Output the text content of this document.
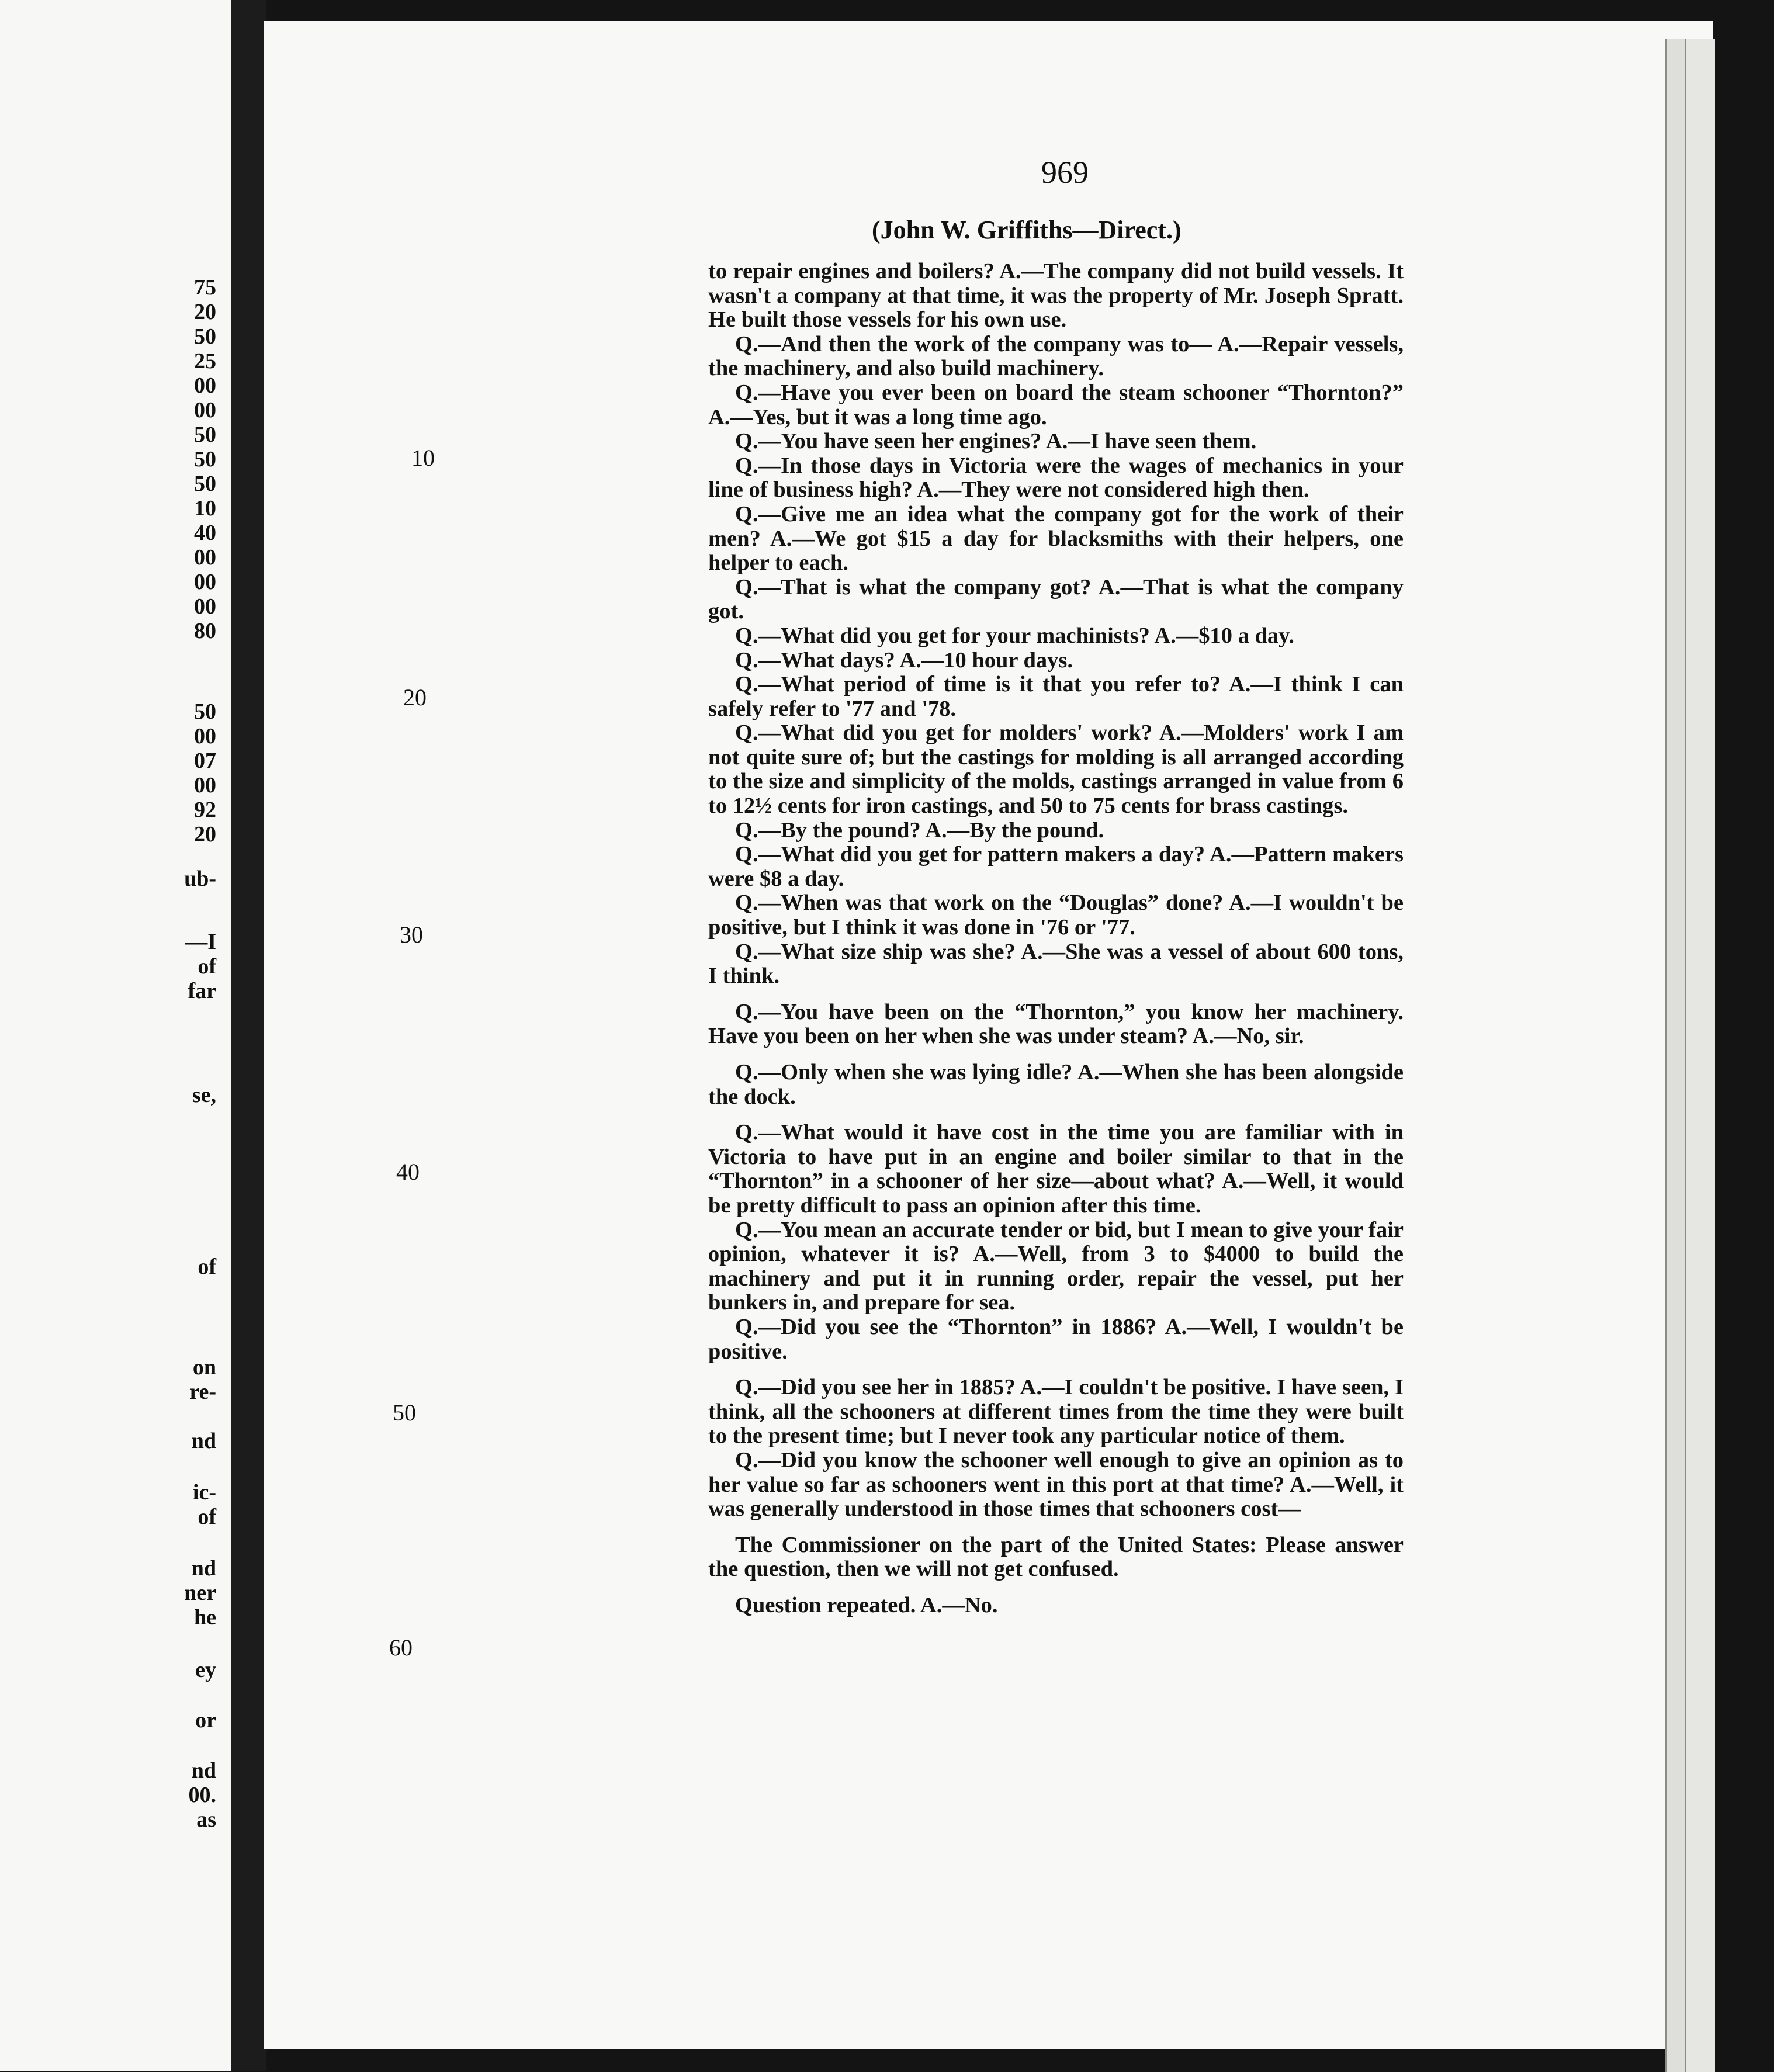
75
20
50
25
00
00
50
50
50
10
40
00
00
00
80
50
00
07
00
92
20
ub-
—I
of
far
se,
of
on
re-
nd
ic-
of
nd
ner
he
ey
or
nd
00.
as
969
(John W. Griffiths—Direct.)
10
20
30
40
50
60

to repair engines and boilers? A.—The company did not build vessels. It wasn't a company at that time, it was the property of Mr. Joseph Spratt. He built those vessels for his own use.

Q.—And then the work of the company was to— A.—Repair vessels, the machinery, and also build machinery.

Q.—Have you ever been on board the steam schooner “Thornton?” A.—Yes, but it was a long time ago.

Q.—You have seen her engines? A.—I have seen them.

Q.—In those days in Victoria were the wages of mechanics in your line of business high? A.—They were not considered high then.

Q.—Give me an idea what the company got for the work of their men? A.—We got $15 a day for blacksmiths with their helpers, one helper to each.

Q.—That is what the company got? A.—That is what the company got.

Q.—What did you get for your machinists? A.—$10 a day.

Q.—What days? A.—10 hour days.

Q.—What period of time is it that you refer to? A.—I think I can safely refer to '77 and '78.

Q.—What did you get for molders' work? A.—Molders' work I am not quite sure of; but the castings for molding is all arranged according to the size and simplicity of the molds, castings arranged in value from 6 to 12½ cents for iron castings, and 50 to 75 cents for brass castings.

Q.—By the pound? A.—By the pound.

Q.—What did you get for pattern makers a day? A.—Pattern makers were $8 a day.

Q.—When was that work on the “Douglas” done? A.—I wouldn't be positive, but I think it was done in '76 or '77.

Q.—What size ship was she? A.—She was a vessel of about 600 tons, I think.

Q.—You have been on the “Thornton,” you know her machinery. Have you been on her when she was under steam? A.—No, sir.

Q.—Only when she was lying idle? A.—When she has been alongside the dock.

Q.—What would it have cost in the time you are familiar with in Victoria to have put in an engine and boiler similar to that in the “Thornton” in a schooner of her size—about what? A.—Well, it would be pretty difficult to pass an opinion after this time.

Q.—You mean an accurate tender or bid, but I mean to give your fair opinion, whatever it is? A.—Well, from 3 to $4000 to build the machinery and put it in running order, repair the vessel, put her bunkers in, and prepare for sea.

Q.—Did you see the “Thornton” in 1886? A.—Well, I wouldn't be positive.

Q.—Did you see her in 1885? A.—I couldn't be positive. I have seen, I think, all the schooners at different times from the time they were built to the present time; but I never took any particular notice of them.

Q.—Did you know the schooner well enough to give an opinion as to her value so far as schooners went in this port at that time? A.—Well, it was generally understood in those times that schooners cost—

The Commissioner on the part of the United States: Please answer the question, then we will not get confused.

Question repeated. A.—No.
